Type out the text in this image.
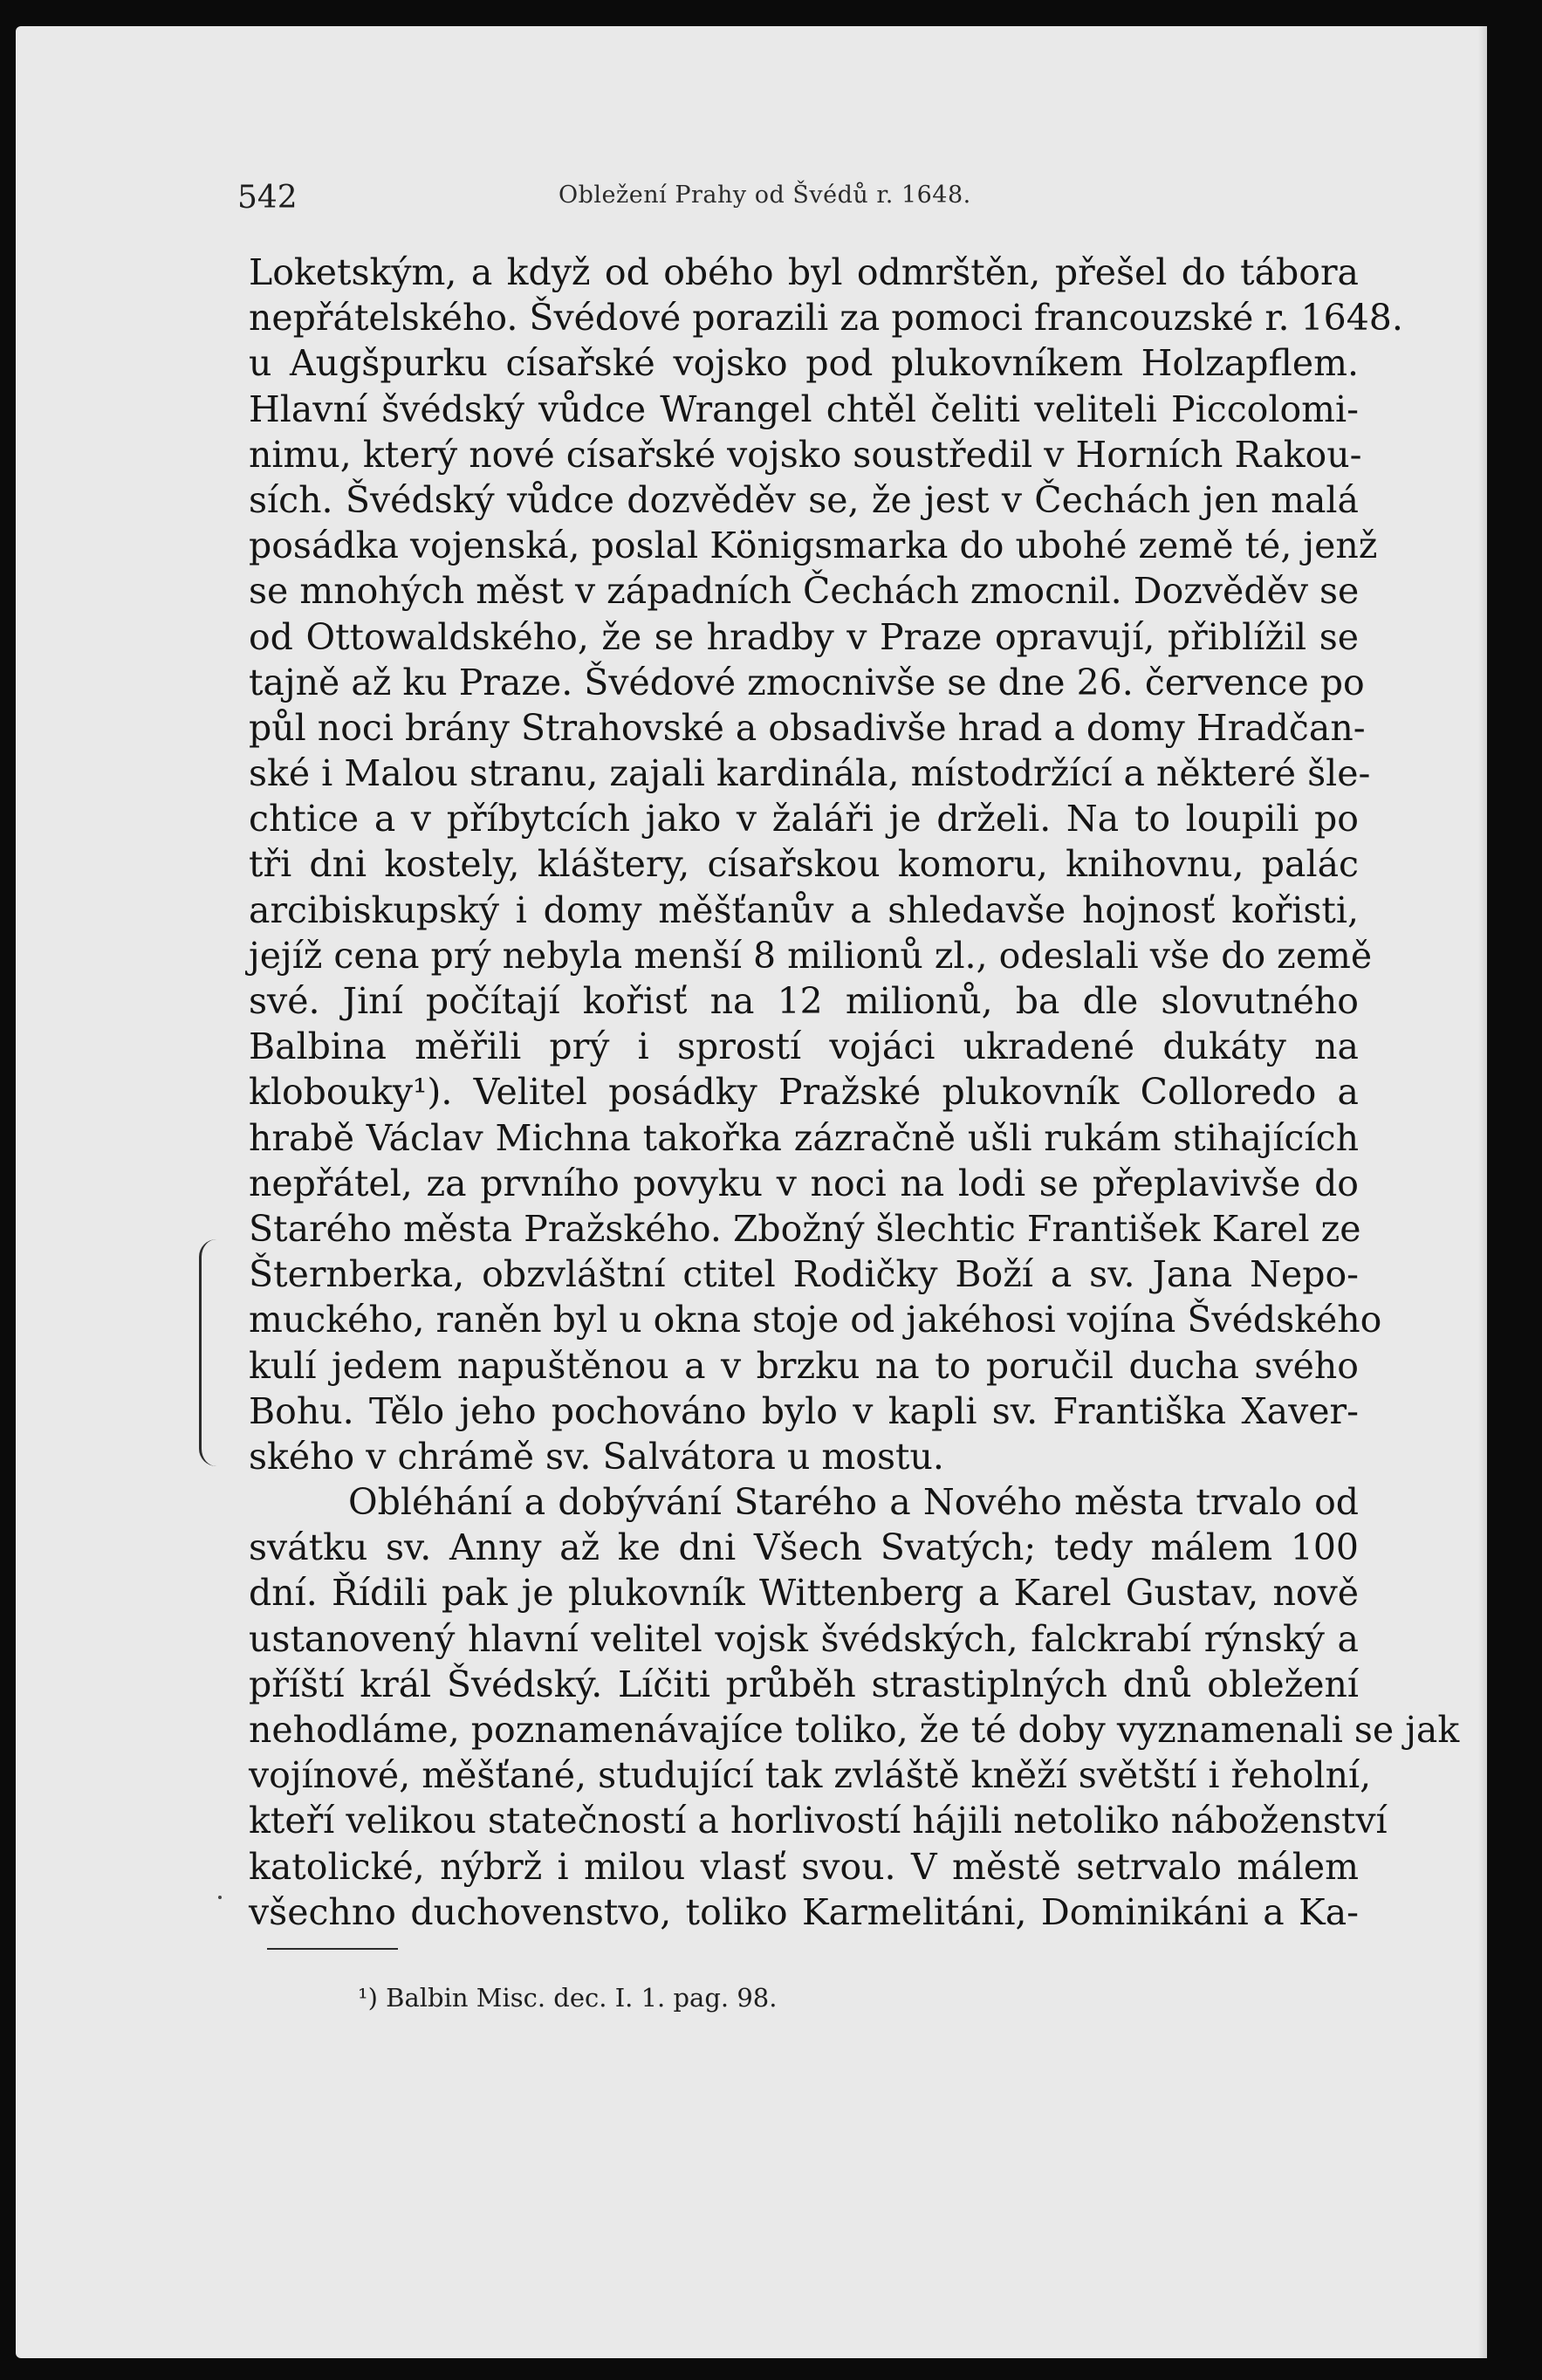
542	Obležení Prahy od Švédů r. 1648.
Loketským, a když od obého byl odmrštěn, přešel do tábora
nepřátelského. Švédové porazili za pomoci francouzské r. 1648.
u Augšpurku císařské vojsko pod plukovníkem Holzapflem.
Hlavní švédský vůdce Wrangel chtěl čeliti veliteli Piccolomi-
nimu, který nové císařské vojsko soustředil v Horních Rakou-
sích. Švédský vůdce dozvěděv se, že jest v Čechách jen malá
posádka vojenská, poslal Königsmarka do ubohé země té, jenž
se mnohých měst v západních Čechách zmocnil. Dozvěděv se
od Ottowaldského, že se hradby v Praze opravují, přiblížil se
tajně až ku Praze. Švédové zmocnivše se dne 26. července po
půl noci brány Strahovské a obsadivše hrad a domy Hradčan-
ské i Malou stranu, zajali kardinála, místodržící a některé šle-
chtice a v příbytcích jako v žaláři je drželi. Na to loupili po
tři dni kostely, kláštery, císařskou komoru, knihovnu, palác
arcibiskupský i domy měšťanův a shledavše hojnosť kořisti,
jejíž cena prý nebyla menší 8 milionů zl., odeslali vše do země
své. Jiní počítají kořisť na 12 milionů, ba dle slovutného
Balbina měřili prý i sprostí vojáci ukradené dukáty na
klobouky¹). Velitel posádky Pražské plukovník Colloredo a
hrabě Václav Michna takořka zázračně ušli rukám stihajících
nepřátel, za prvního povyku v noci na lodi se přeplavivše do
Starého města Pražského. Zbožný šlechtic František Karel ze
Šternberka, obzvláštní ctitel Rodičky Boží a sv. Jana Nepo-
muckého, raněn byl u okna stoje od jakéhosi vojína Švédského
kulí jedem napuštěnou a v brzku na to poručil ducha svého
Bohu. Tělo jeho pochováno bylo v kapli sv. Františka Xaver-
ského v chrámě sv. Salvátora u mostu.
Obléhání a dobývání Starého a Nového města trvalo od
svátku sv. Anny až ke dni Všech Svatých; tedy málem 100
dní. Řídili pak je plukovník Wittenberg a Karel Gustav, nově
ustanovený hlavní velitel vojsk švédských, falckrabí rýnský a
příští král Švédský. Líčiti průběh strastiplných dnů obležení
nehodláme, poznamenávajíce toliko, že té doby vyznamenali se jak
vojínové, měšťané, studující tak zvláště kněží světští i řeholní,
kteří velikou statečností a horlivostí hájili netoliko náboženství
katolické, nýbrž i milou vlasť svou. V městě setrvalo málem
všechno duchovenstvo, toliko Karmelitáni, Dominikáni a Ka-
¹) Balbin Misc. dec. I. 1. pag. 98.
